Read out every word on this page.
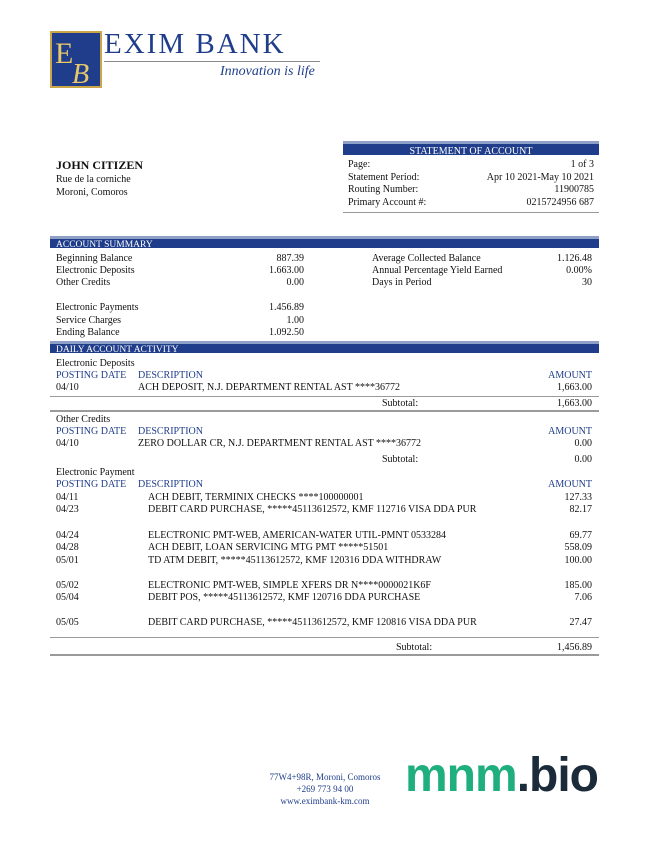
E
B
EXIM BANK
Innovation is life
JOHN CITIZEN
Rue de la corniche
Moroni, Comoros
STATEMENT OF ACCOUNT
Page:	1 of 3
Statement Period:	Apr 10 2021-May 10 2021
Routing Number:	11900785
Primary Account #:	0215724956 687
ACCOUNT SUMMARY
Beginning Balance	887.39
Electronic Deposits	1.663.00
Other Credits	0.00
Electronic Payments	1.456.89
Service Charges	1.00
Ending Balance	1.092.50
Average Collected Balance	1.126.48
Annual Percentage Yield Earned	0.00%
Days in Period	30
DAILY ACCOUNT ACTIVITY
Electronic Deposits
POSTING DATE DESCRIPTION	AMOUNT
04/10	ACH DEPOSIT, N.J. DEPARTMENT RENTAL AST ****36772	1,663.00
Subtotal:	1,663.00
Other Credits
POSTING DATE DESCRIPTION	AMOUNT
04/10	ZERO DOLLAR CR, N.J. DEPARTMENT RENTAL AST ****36772	0.00
Subtotal:	0.00
Electronic Payment
POSTING DATE DESCRIPTION	AMOUNT
04/11	ACH DEBIT, TERMINIX CHECKS ****100000001	127.33
04/23	DEBIT CARD PURCHASE, *****45113612572, KMF 112716 VISA DDA PUR	82.17
04/24	ELECTRONIC PMT-WEB, AMERICAN-WATER UTIL-PMNT 0533284	69.77
04/28	ACH DEBIT, LOAN SERVICING MTG PMT *****51501	558.09
05/01	TD ATM DEBIT, *****45113612572, KMF 120316 DDA WITHDRAW	100.00
05/02	ELECTRONIC PMT-WEB, SIMPLE XFERS DR N****0000021K6F	185.00
05/04	DEBIT POS, *****45113612572, KMF 120716 DDA PURCHASE	7.06
05/05	DEBIT CARD PURCHASE, *****45113612572, KMF 120816 VISA DDA PUR	27.47
Subtotal:	1,456.89
77W4+98R, Moroni, Comoros
+269 773 94 00
www.eximbank-km.com mnm.bio
